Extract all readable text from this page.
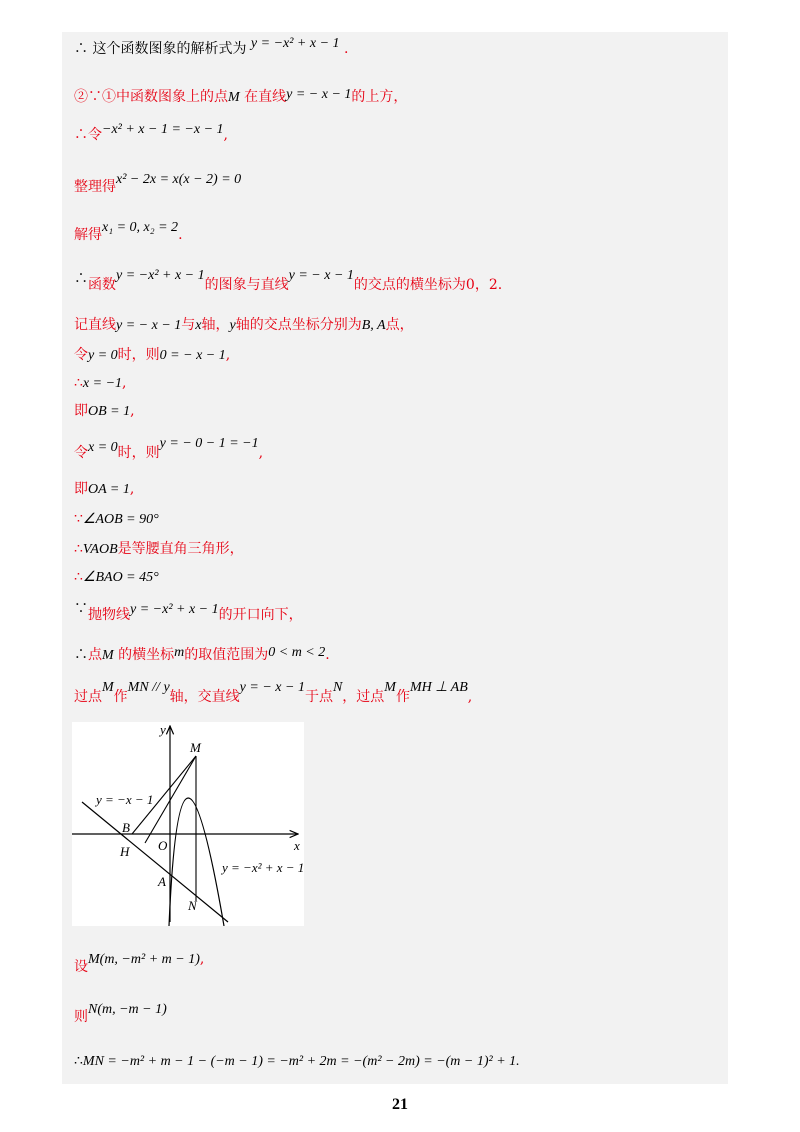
∴ 这个函数图象的解析式为 y = −x² + x − 1 .
②∵①中函数图象上的点M 在直线y = − x − 1的上方，
∴令−x² + x − 1 = −x − 1,
整理得x² − 2x = x(x − 2) = 0
解得x₁ = 0, x₂ = 2.
∴函数y = −x² + x − 1的图象与直线y = − x − 1的交点的横坐标为0，2.
记直线y = − x − 1与x轴，y轴的交点坐标分别为B, A点，
令y = 0时，则0 = − x − 1,
∴x = −1,
即OB = 1,
令x = 0时，则y = − 0 − 1 = −1,
即OA = 1,
∵∠AOB = 90°
∴VAOB是等腰直角三角形，
∴∠BAO = 45°
∵抛物线y = −x² + x − 1的开口向下，
∴点M 的横坐标m的取值范围为0 < m < 2.
过点M作MN // y轴，交直线y = − x − 1于点N，过点M作MH ⊥ AB,
y
x
M
B
H O
A
N
y = −x − 1
y = −x² + x − 1
设M(m, −m² + m − 1),
则N(m, −m − 1)
∴MN = −m² + m − 1 − (−m − 1) = −m² + 2m = −(m² − 2m) = −(m − 1)² + 1.
21
